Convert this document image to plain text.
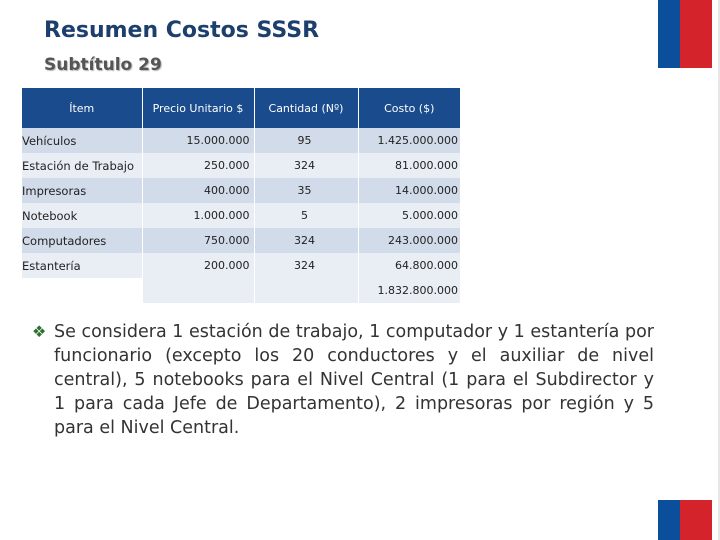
Resumen Costos SSSR
Subtítulo 29
Ítem	Precio Unitario $	Cantidad (Nº)	Costo ($)
Vehículos	15.000.000	95	1.425.000.000
Estación de Trabajo	250.000	324	81.000.000
Impresoras	400.000	35	14.000.000
Notebook	1.000.000	5	5.000.000
Computadores	750.000	324	243.000.000
Estantería	200.000	324	64.800.000
			1.832.800.000
❖ Se considera 1 estación de trabajo, 1 computador y 1 estantería por funcionario (excepto los 20 conductores y el auxiliar de nivel central), 5 notebooks para el Nivel Central (1 para el Subdirector y 1 para cada Jefe de Departamento), 2 impresoras por región y 5 para el Nivel Central.
